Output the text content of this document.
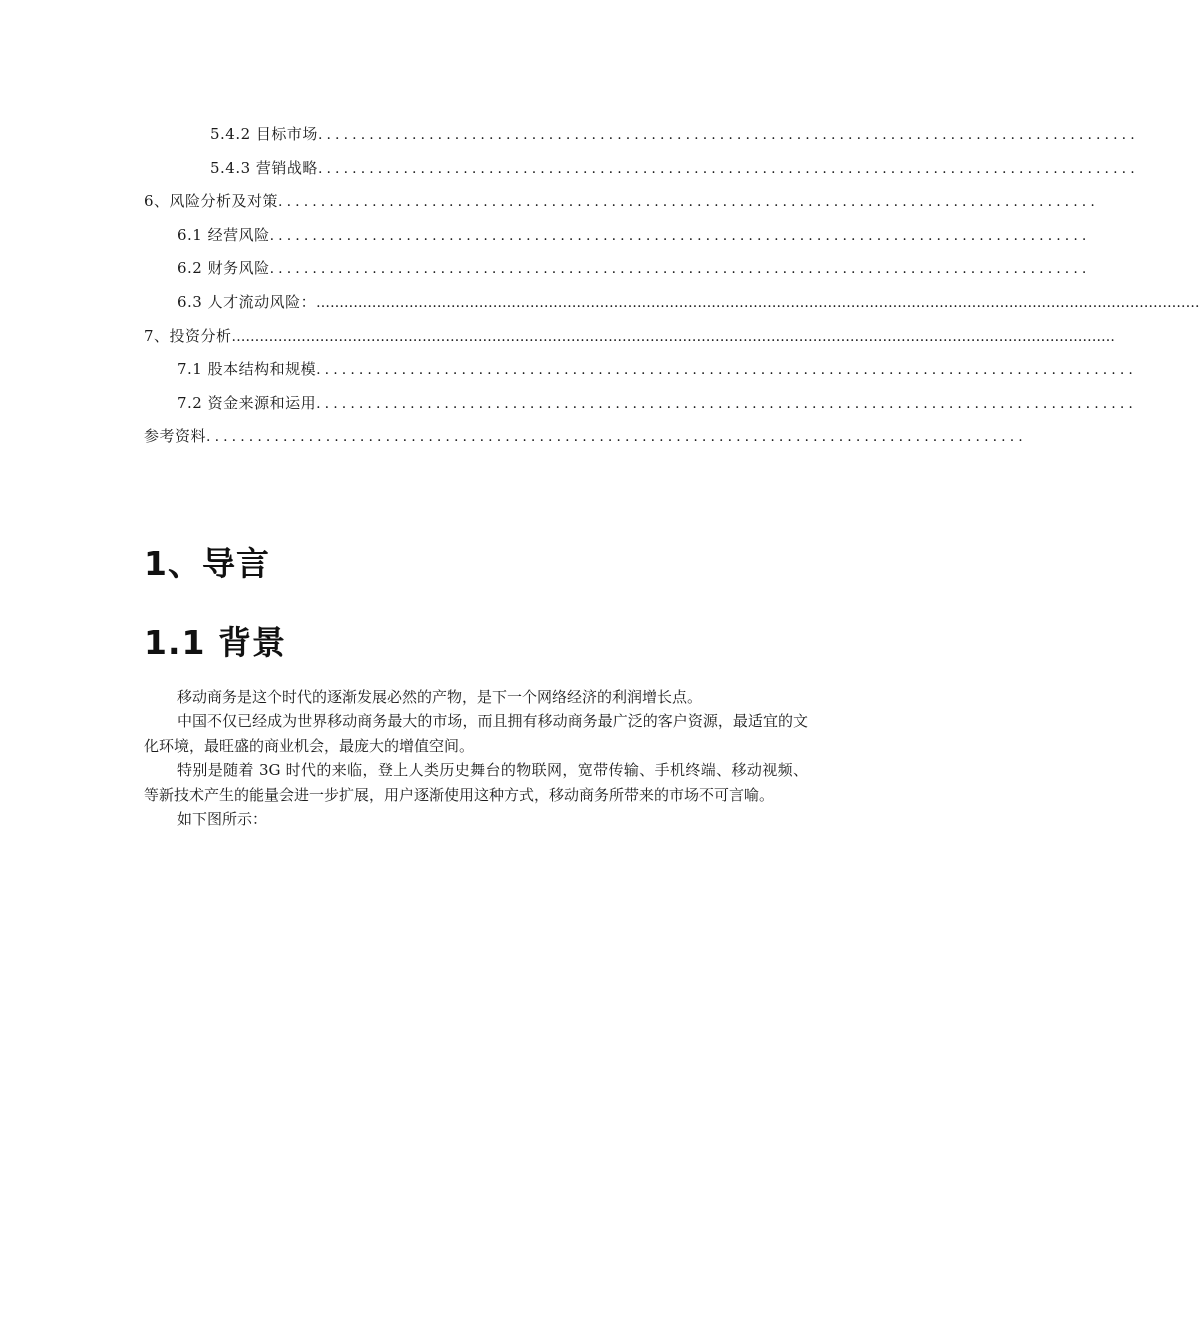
5.4.2 目标市场 ................................................................................................
5.4.3 营销战略 ................................................................................................
6、风险分析及对策 ................................................................................................
6.1 经营风险 ................................................................................................
6.2 财务风险 ................................................................................................
6.3 人才流动风险： ..............................................................................................................................................................................................
7、投资分析 ..............................................................................................................................................................................................
7.1 股本结构和规模 ................................................................................................
7.2 资金来源和运用 ................................................................................................
参考资料 ................................................................................................
1、导言
1.1 背景

移动商务是这个时代的逐渐发展必然的产物，是下一个网络经济的利润增长点。

中国不仅已经成为世界移动商务最大的市场，而且拥有移动商务最广泛的客户资源，最适宜的文化环境，最旺盛的商业机会，最庞大的增值空间。

特别是随着 3G 时代的来临，登上人类历史舞台的物联网，宽带传输、手机终端、移动视频、等新技术产生的能量会进一步扩展，用户逐渐使用这种方式，移动商务所带来的市场不可言喻。

如下图所示：
